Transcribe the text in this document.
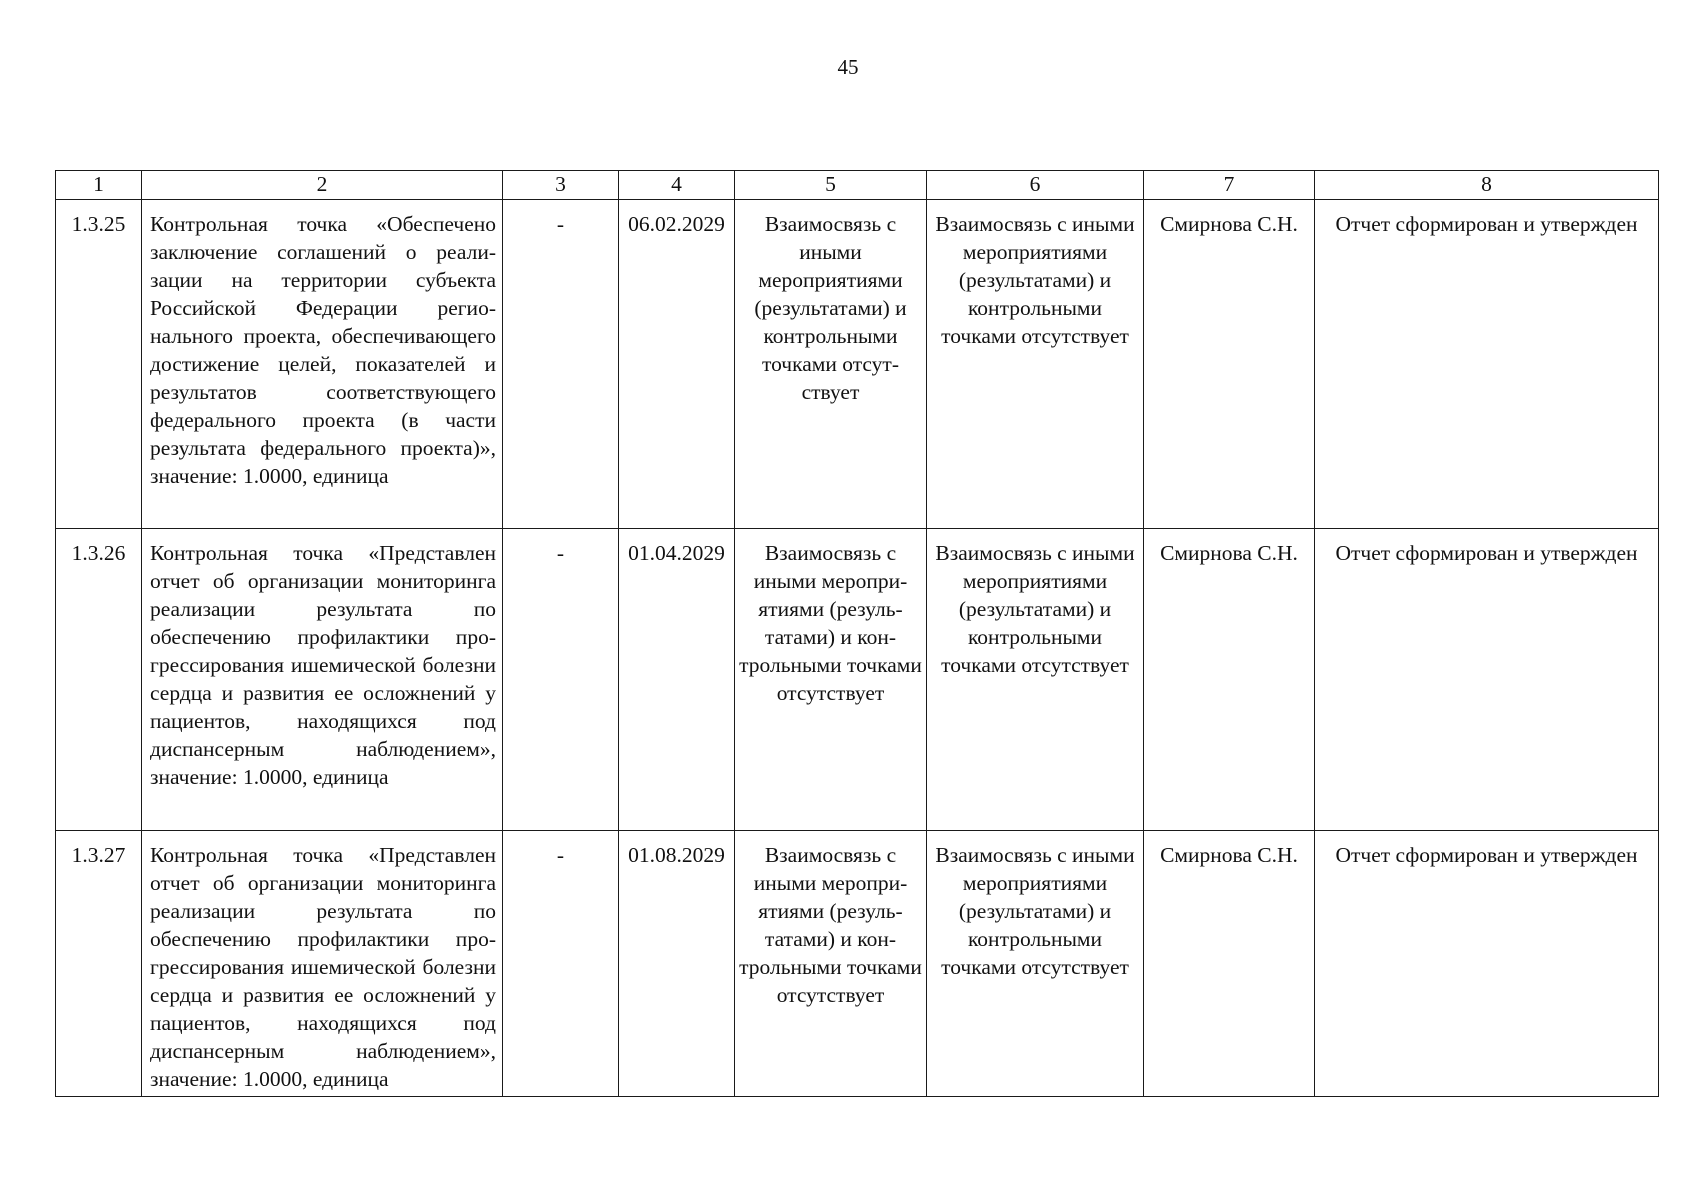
45
1	2	3	4	5	6	7	8
1.3.25	Контрольная точка «Обеспечено заключение соглашений о реализации на территории субъекта Российской Федерации регионального проекта, обеспечивающего достижение целей, показателей и результатов соответствующего федерального проекта (в части результата федерального проекта)», значение: 1.0000, единица	-	06.02.2029	Взаимосвязь с иными мероприятиями (результатами) и контрольными точками отсутствует	Взаимосвязь с иными мероприятиями (результатами) и контрольными точками отсутствует	Смирнова С.Н.	Отчет сформирован и утвержден
1.3.26	Контрольная точка «Представлен отчет об организации мониторинга реализации результата по обеспечению профилактики прогрессирования ишемической болезни сердца и развития ее осложнений у пациентов, находящихся под диспансерным наблюдением», значение: 1.0000, единица	-	01.04.2029	Взаимосвязь с иными мероприятиями (результатами) и контрольными точками отсутствует	Взаимосвязь с иными мероприятиями (результатами) и контрольными точками отсутствует	Смирнова С.Н.	Отчет сформирован и утвержден
1.3.27	Контрольная точка «Представлен отчет об организации мониторинга реализации результата по обеспечению профилактики прогрессирования ишемической болезни сердца и развития ее осложнений у пациентов, находящихся под диспансерным наблюдением», значение: 1.0000, единица	-	01.08.2029	Взаимосвязь с иными мероприятиями (результатами) и контрольными точками отсутствует	Взаимосвязь с иными мероприятиями (результатами) и контрольными точками отсутствует	Смирнова С.Н.	Отчет сформирован и утвержден
